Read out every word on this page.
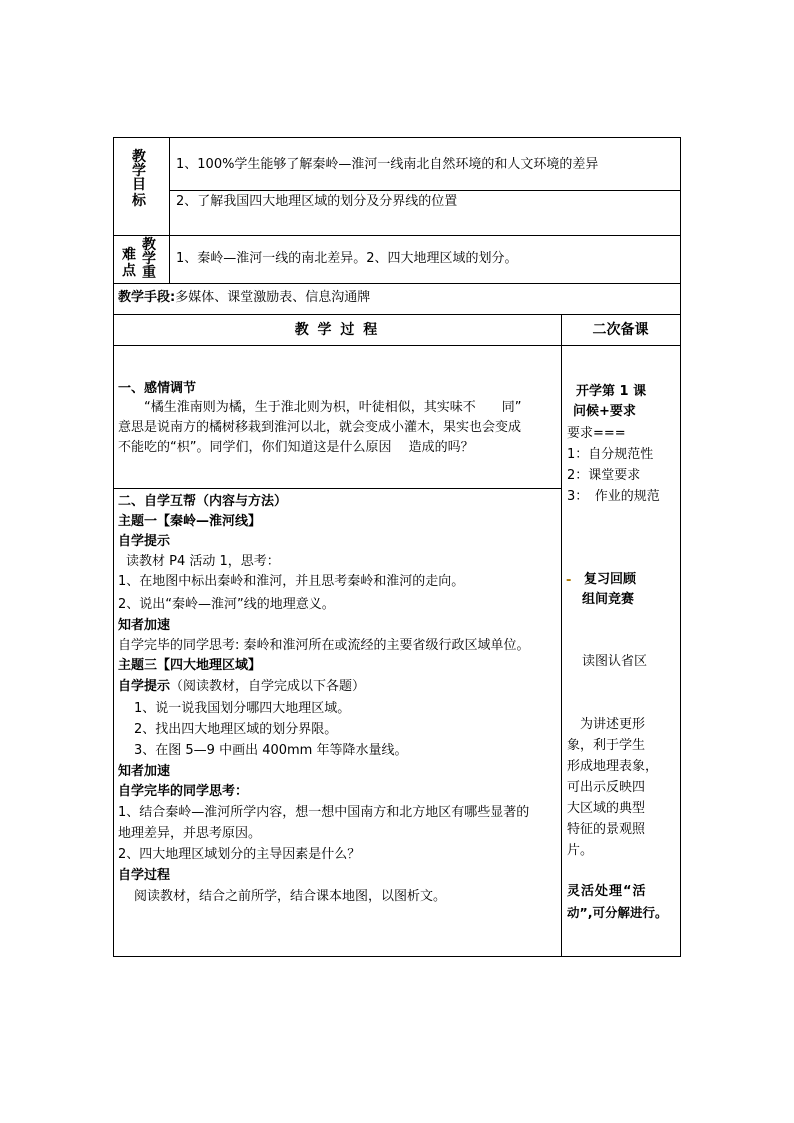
教
学
目
标
1、100%学生能够了解秦岭—淮河一线南北自然环境的和人文环境的差异
2、了解我国四大地理区域的划分及分界线的位置
难
点
教
学
重
1、秦岭—淮河一线的南北差异。2、四大地理区域的划分。
教学手段:多媒体、课堂激励表、信息沟通牌
教 学 过 程	二次备课
一、感情调节
“橘生淮南则为橘，生于淮北则为枳，叶徒相似，其实味不　　同”
意思是说南方的橘树移栽到淮河以北，就会变成小灌木，果实也会变成
不能吃的“枳”。同学们，你们知道这是什么原因　 造成的吗？
二、自学互帮（内容与方法）
主题一【秦岭—淮河线】
自学提示
读教材 P4 活动 1，思考：
1、在地图中标出秦岭和淮河，并且思考秦岭和淮河的走向。
2、说出“秦岭—淮河”线的地理意义。
知者加速
自学完毕的同学思考: 秦岭和淮河所在或流经的主要省级行政区域单位。
主题三【四大地理区域】
自学提示（阅读教材，自学完成以下各题）
1、说一说我国划分哪四大地理区域。
2、找出四大地理区域的划分界限。
3、在图 5—9 中画出 400mm 年等降水量线。
知者加速
自学完毕的同学思考：
1、结合秦岭—淮河所学内容，想一想中国南方和北方地区有哪些显著的
地理差异，并思考原因。
2、四大地理区域划分的主导因素是什么？
自学过程
阅读教材，结合之前所学，结合课本地图，以图析文。
开学第 1 课
问候+要求
要求===
1：自分规范性
2：课堂要求
3：　作业的规范
- 复习回顾
组间竞赛
读图认省区
　为讲述更形
象，利于学生
形成地理表象，
可出示反映四
大区域的典型
特征的景观照
片。
灵活处理“活
动”,可分解进行。
